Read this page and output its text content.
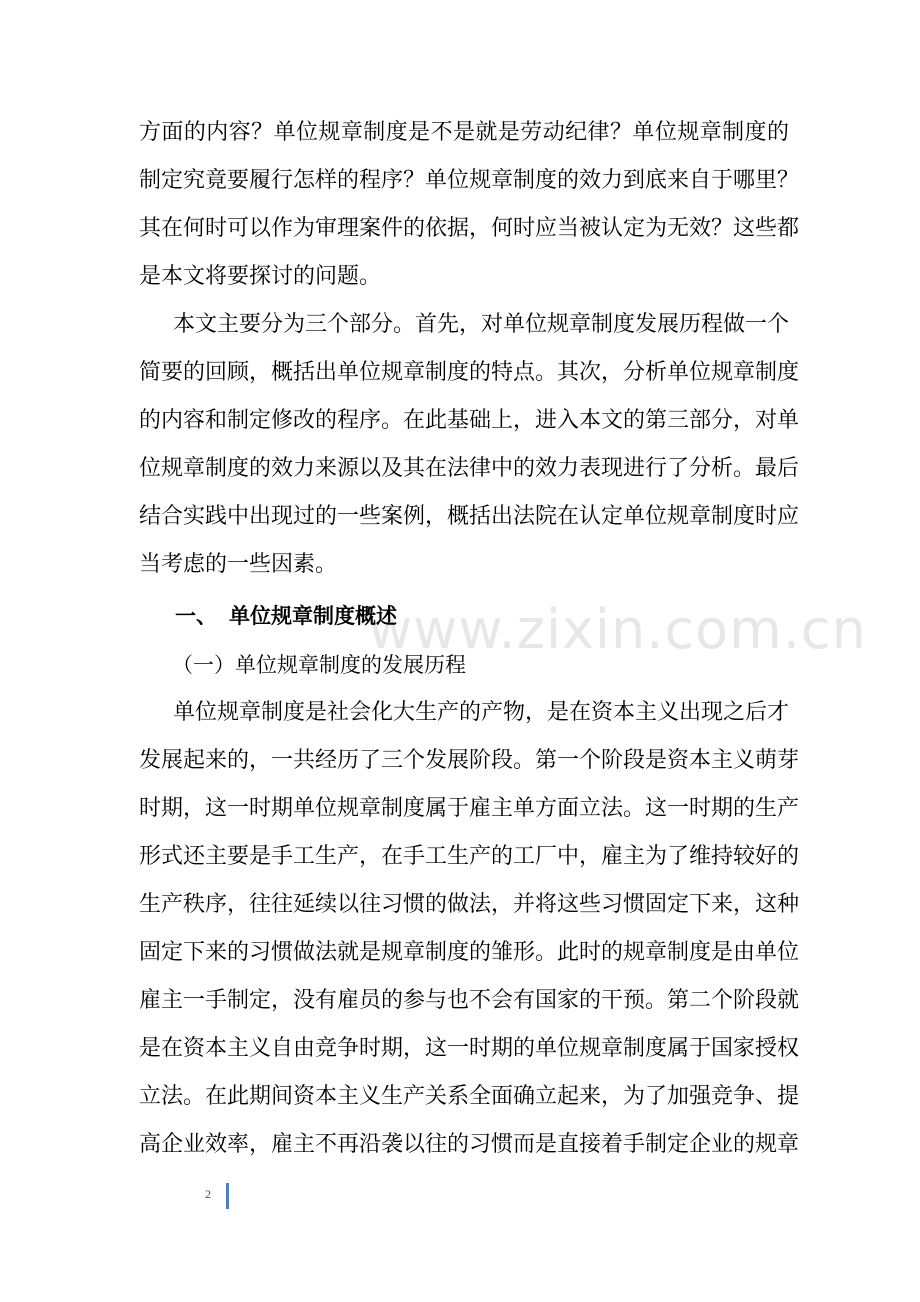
方面的内容？单位规章制度是不是就是劳动纪律？单位规章制度的
制定究竟要履行怎样的程序？单位规章制度的效力到底来自于哪里？
其在何时可以作为审理案件的依据，何时应当被认定为无效？这些都
是本文将要探讨的问题。
本文主要分为三个部分。首先，对单位规章制度发展历程做一个
简要的回顾，概括出单位规章制度的特点。其次，分析单位规章制度
的内容和制定修改的程序。在此基础上，进入本文的第三部分，对单
位规章制度的效力来源以及其在法律中的效力表现进行了分析。最后
结合实践中出现过的一些案例，概括出法院在认定单位规章制度时应
当考虑的一些因素。
www.zixin.com.cn
一、 单位规章制度概述
（一）单位规章制度的发展历程
单位规章制度是社会化大生产的产物，是在资本主义出现之后才
发展起来的，一共经历了三个发展阶段。第一个阶段是资本主义萌芽
时期，这一时期单位规章制度属于雇主单方面立法。这一时期的生产
形式还主要是手工生产，在手工生产的工厂中，雇主为了维持较好的
生产秩序，往往延续以往习惯的做法，并将这些习惯固定下来，这种
固定下来的习惯做法就是规章制度的雏形。此时的规章制度是由单位
雇主一手制定，没有雇员的参与也不会有国家的干预。第二个阶段就
是在资本主义自由竞争时期，这一时期的单位规章制度属于国家授权
立法。在此期间资本主义生产关系全面确立起来，为了加强竞争、提
高企业效率，雇主不再沿袭以往的习惯而是直接着手制定企业的规章
2
